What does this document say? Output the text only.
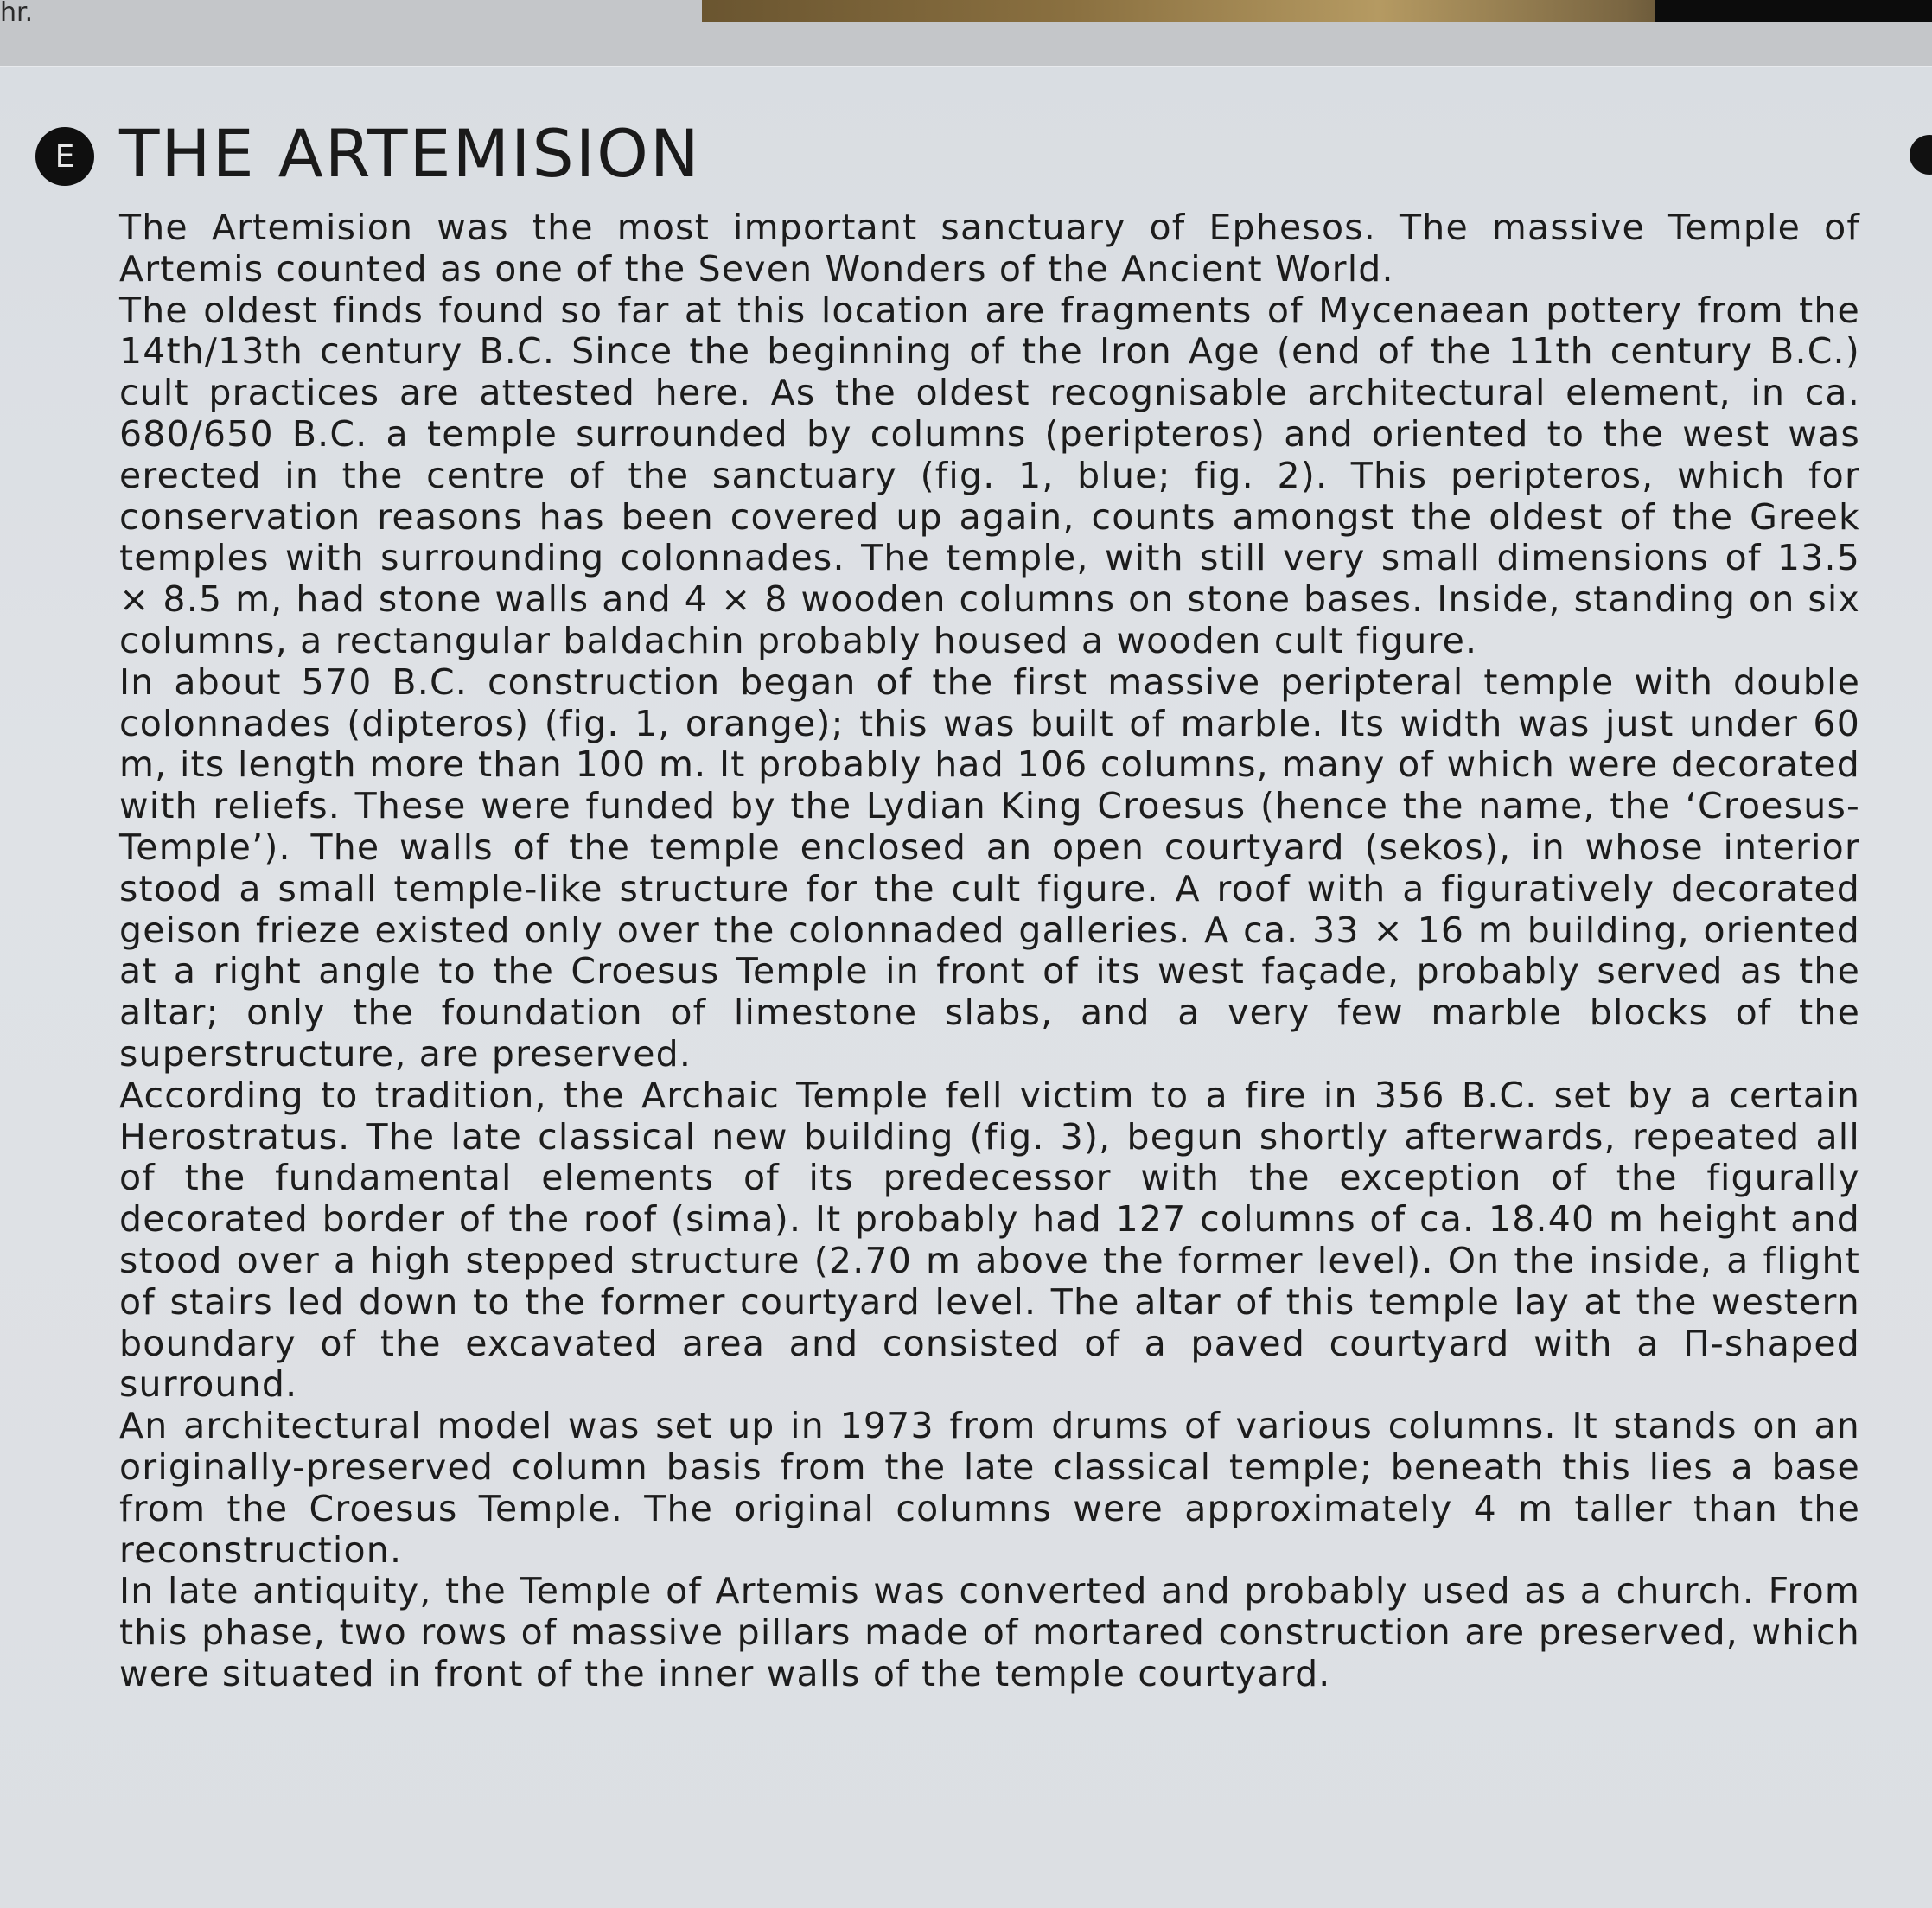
hr.
E THE ARTEMISION

The Artemision was the most important sanctuary of Ephesos. The massive Temple of Artemis counted as one of the Seven Wonders of the Ancient World.

The oldest finds found so far at this location are fragments of Mycenaean pottery from the 14th/13th century B.C. Since the beginning of the Iron Age (end of the 11th century B.C.) cult practices are attested here. As the oldest recognisable architectural element, in ca. 680/650 B.C. a temple surrounded by columns (peripteros) and oriented to the west was erected in the centre of the sanctuary (fig. 1, blue; fig. 2). This peripteros, which for conservation reasons has been covered up again, counts amongst the oldest of the Greek temples with surrounding colonnades. The temple, with still very small dimensions of 13.5 × 8.5 m, had stone walls and 4 × 8 wooden columns on stone bases. Inside, standing on six columns, a rectangular baldachin probably housed a wooden cult figure.

In about 570 B.C. construction began of the first massive peripteral temple with double colonnades (dipteros) (fig. 1, orange); this was built of marble. Its width was just under 60 m, its length more than 100 m. It probably had 106 columns, many of which were decorated with reliefs. These were funded by the Lydian King Croesus (hence the name, the ‘Croesus-Temple’). The walls of the temple enclosed an open courtyard (sekos), in whose interior stood a small temple-like structure for the cult figure. A roof with a figuratively decorated geison frieze existed only over the colonnaded galleries. A ca. 33 × 16 m building, oriented at a right angle to the Croesus Temple in front of its west façade, probably served as the altar; only the foundation of limestone slabs, and a very few marble blocks of the superstructure, are preserved.

According to tradition, the Archaic Temple fell victim to a fire in 356 B.C. set by a certain Herostratus. The late classical new building (fig. 3), begun shortly afterwards, repeated all of the fundamental elements of its predecessor with the exception of the figurally decorated border of the roof (sima). It probably had 127 columns of ca. 18.40 m height and stood over a high stepped structure (2.70 m above the former level). On the inside, a flight of stairs led down to the former courtyard level. The altar of this temple lay at the western boundary of the excavated area and consisted of a paved courtyard with a Π-shaped surround.

An architectural model was set up in 1973 from drums of various columns. It stands on an originally-preserved column basis from the late classical temple; beneath this lies a base from the Croesus Temple. The original columns were approximately 4 m taller than the reconstruction.

In late antiquity, the Temple of Artemis was converted and probably used as a church. From this phase, two rows of massive pillars made of mortared construction are preserved, which were situated in front of the inner walls of the temple courtyard.
